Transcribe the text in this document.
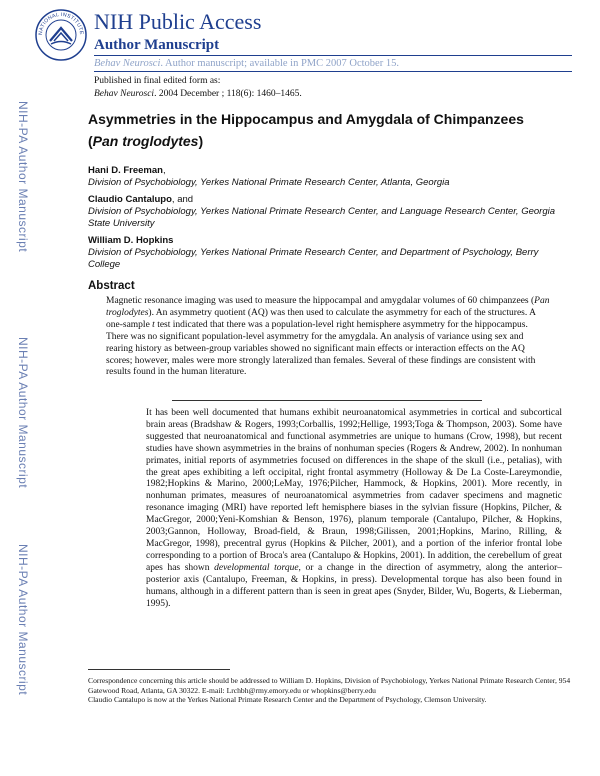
NATIONAL INSTITUTE NIH Public Access
Author Manuscript
Behav Neurosci. Author manuscript; available in PMC 2007 October 15.
NIH-PA Author Manuscript
NIH-PA Author Manuscript
NIH-PA Author Manuscript
Published in final edited form as:
Behav Neurosci. 2004 December ; 118(6): 1460–1465.
Asymmetries in the Hippocampus and Amygdala of Chimpanzees
(Pan troglodytes)
Hani D. Freeman,
Division of Psychobiology, Yerkes National Primate Research Center, Atlanta, Georgia
Claudio Cantalupo, and
Division of Psychobiology, Yerkes National Primate Research Center, and Language Research Center, Georgia State University
William D. Hopkins
Division of Psychobiology, Yerkes National Primate Research Center, and Department of Psychology, Berry College
Abstract
Magnetic resonance imaging was used to measure the hippocampal and amygdalar volumes of 60 chimpanzees (Pan troglodytes). An asymmetry quotient (AQ) was then used to calculate the asymmetry for each of the structures. A one-sample t test indicated that there was a population-level right hemisphere asymmetry for the hippocampus. There was no significant population-level asymmetry for the amygdala. An analysis of variance using sex and rearing history as between-group variables showed no significant main effects or interaction effects on the AQ scores; however, males were more strongly lateralized than females. Several of these findings are consistent with results found in the human literature.
It has been well documented that humans exhibit neuroanatomical asymmetries in cortical and subcortical brain areas (Bradshaw & Rogers, 1993;Corballis, 1992;Hellige, 1993;Toga & Thompson, 2003). Some have suggested that neuroanatomical and functional asymmetries are unique to humans (Crow, 1998), but recent studies have shown asymmetries in the brains of nonhuman species (Rogers & Andrew, 2002). In nonhuman primates, initial reports of asymmetries focused on differences in the shape of the skull (i.e., petalias), with the great apes exhibiting a left occipital, right frontal asymmetry (Holloway & De La Coste-Lareymondie, 1982;Hopkins & Marino, 2000;LeMay, 1976;Pilcher, Hammock, & Hopkins, 2001). More recently, in nonhuman primates, measures of neuroanatomical asymmetries from cadaver specimens and magnetic resonance imaging (MRI) have reported left hemisphere biases in the sylvian fissure (Hopkins, Pilcher, & MacGregor, 2000;Yeni-Komshian & Benson, 1976), planum temporale (Cantalupo, Pilcher, & Hopkins, 2003;Gannon, Holloway, Broad-field, & Braun, 1998;Gilissen, 2001;Hopkins, Marino, Rilling, & MacGregor, 1998), precentral gyrus (Hopkins & Pilcher, 2001), and a portion of the inferior frontal lobe corresponding to a portion of Broca's area (Cantalupo & Hopkins, 2001). In addition, the cerebellum of great apes has shown developmental torque, or a change in the direction of asymmetry, along the anterior–posterior axis (Cantalupo, Freeman, & Hopkins, in press). Developmental torque has also been found in humans, although in a different pattern than is seen in great apes (Snyder, Bilder, Wu, Bogerts, & Lieberman, 1995).
Correspondence concerning this article should be addressed to William D. Hopkins, Division of Psychobiology, Yerkes National Primate Research Center, 954 Gatewood Road, Atlanta, GA 30322. E-mail: Lrchbh@rmy.emory.edu or whopkins@berry.edu
Claudio Cantalupo is now at the Yerkes National Primate Research Center and the Department of Psychology, Clemson University.
